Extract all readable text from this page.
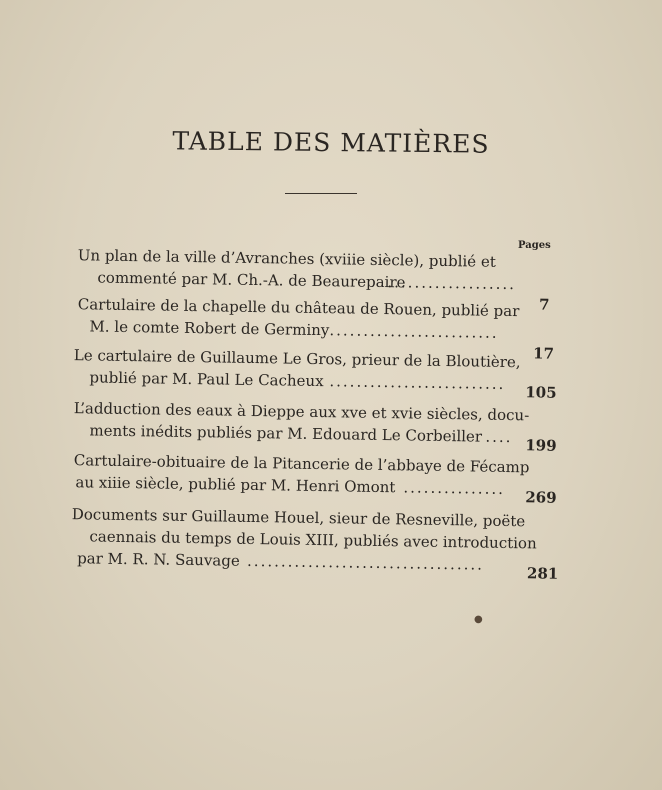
TABLE DES MATIÈRES
Pages
Un plan de la ville d’Avranches (xviiie siècle), publié et
commenté par M. Ch.-A. de Beaurepaire
...................
7
Cartulaire de la chapelle du château de Rouen, publié par
M. le comte Robert de Germiny .........................
17
Le cartulaire de Guillaume Le Gros, prieur de la Bloutière,
publié par M. Paul Le Cacheux .......................... 105
L’adduction des eaux à Dieppe aux xve et xvie siècles, docu-
ments inédits publiés par M. Edouard Le Corbeiller .... 199
Cartulaire-obituaire de la Pitancerie de l’abbaye de Fécamp
au xiiie siècle, publié par M. Henri Omont ............... 269
Documents sur Guillaume Houel, sieur de Resneville, poëte
caennais du temps de Louis XIII, publiés avec introduction
par M. R. N. Sauvage ...................................	281
●
